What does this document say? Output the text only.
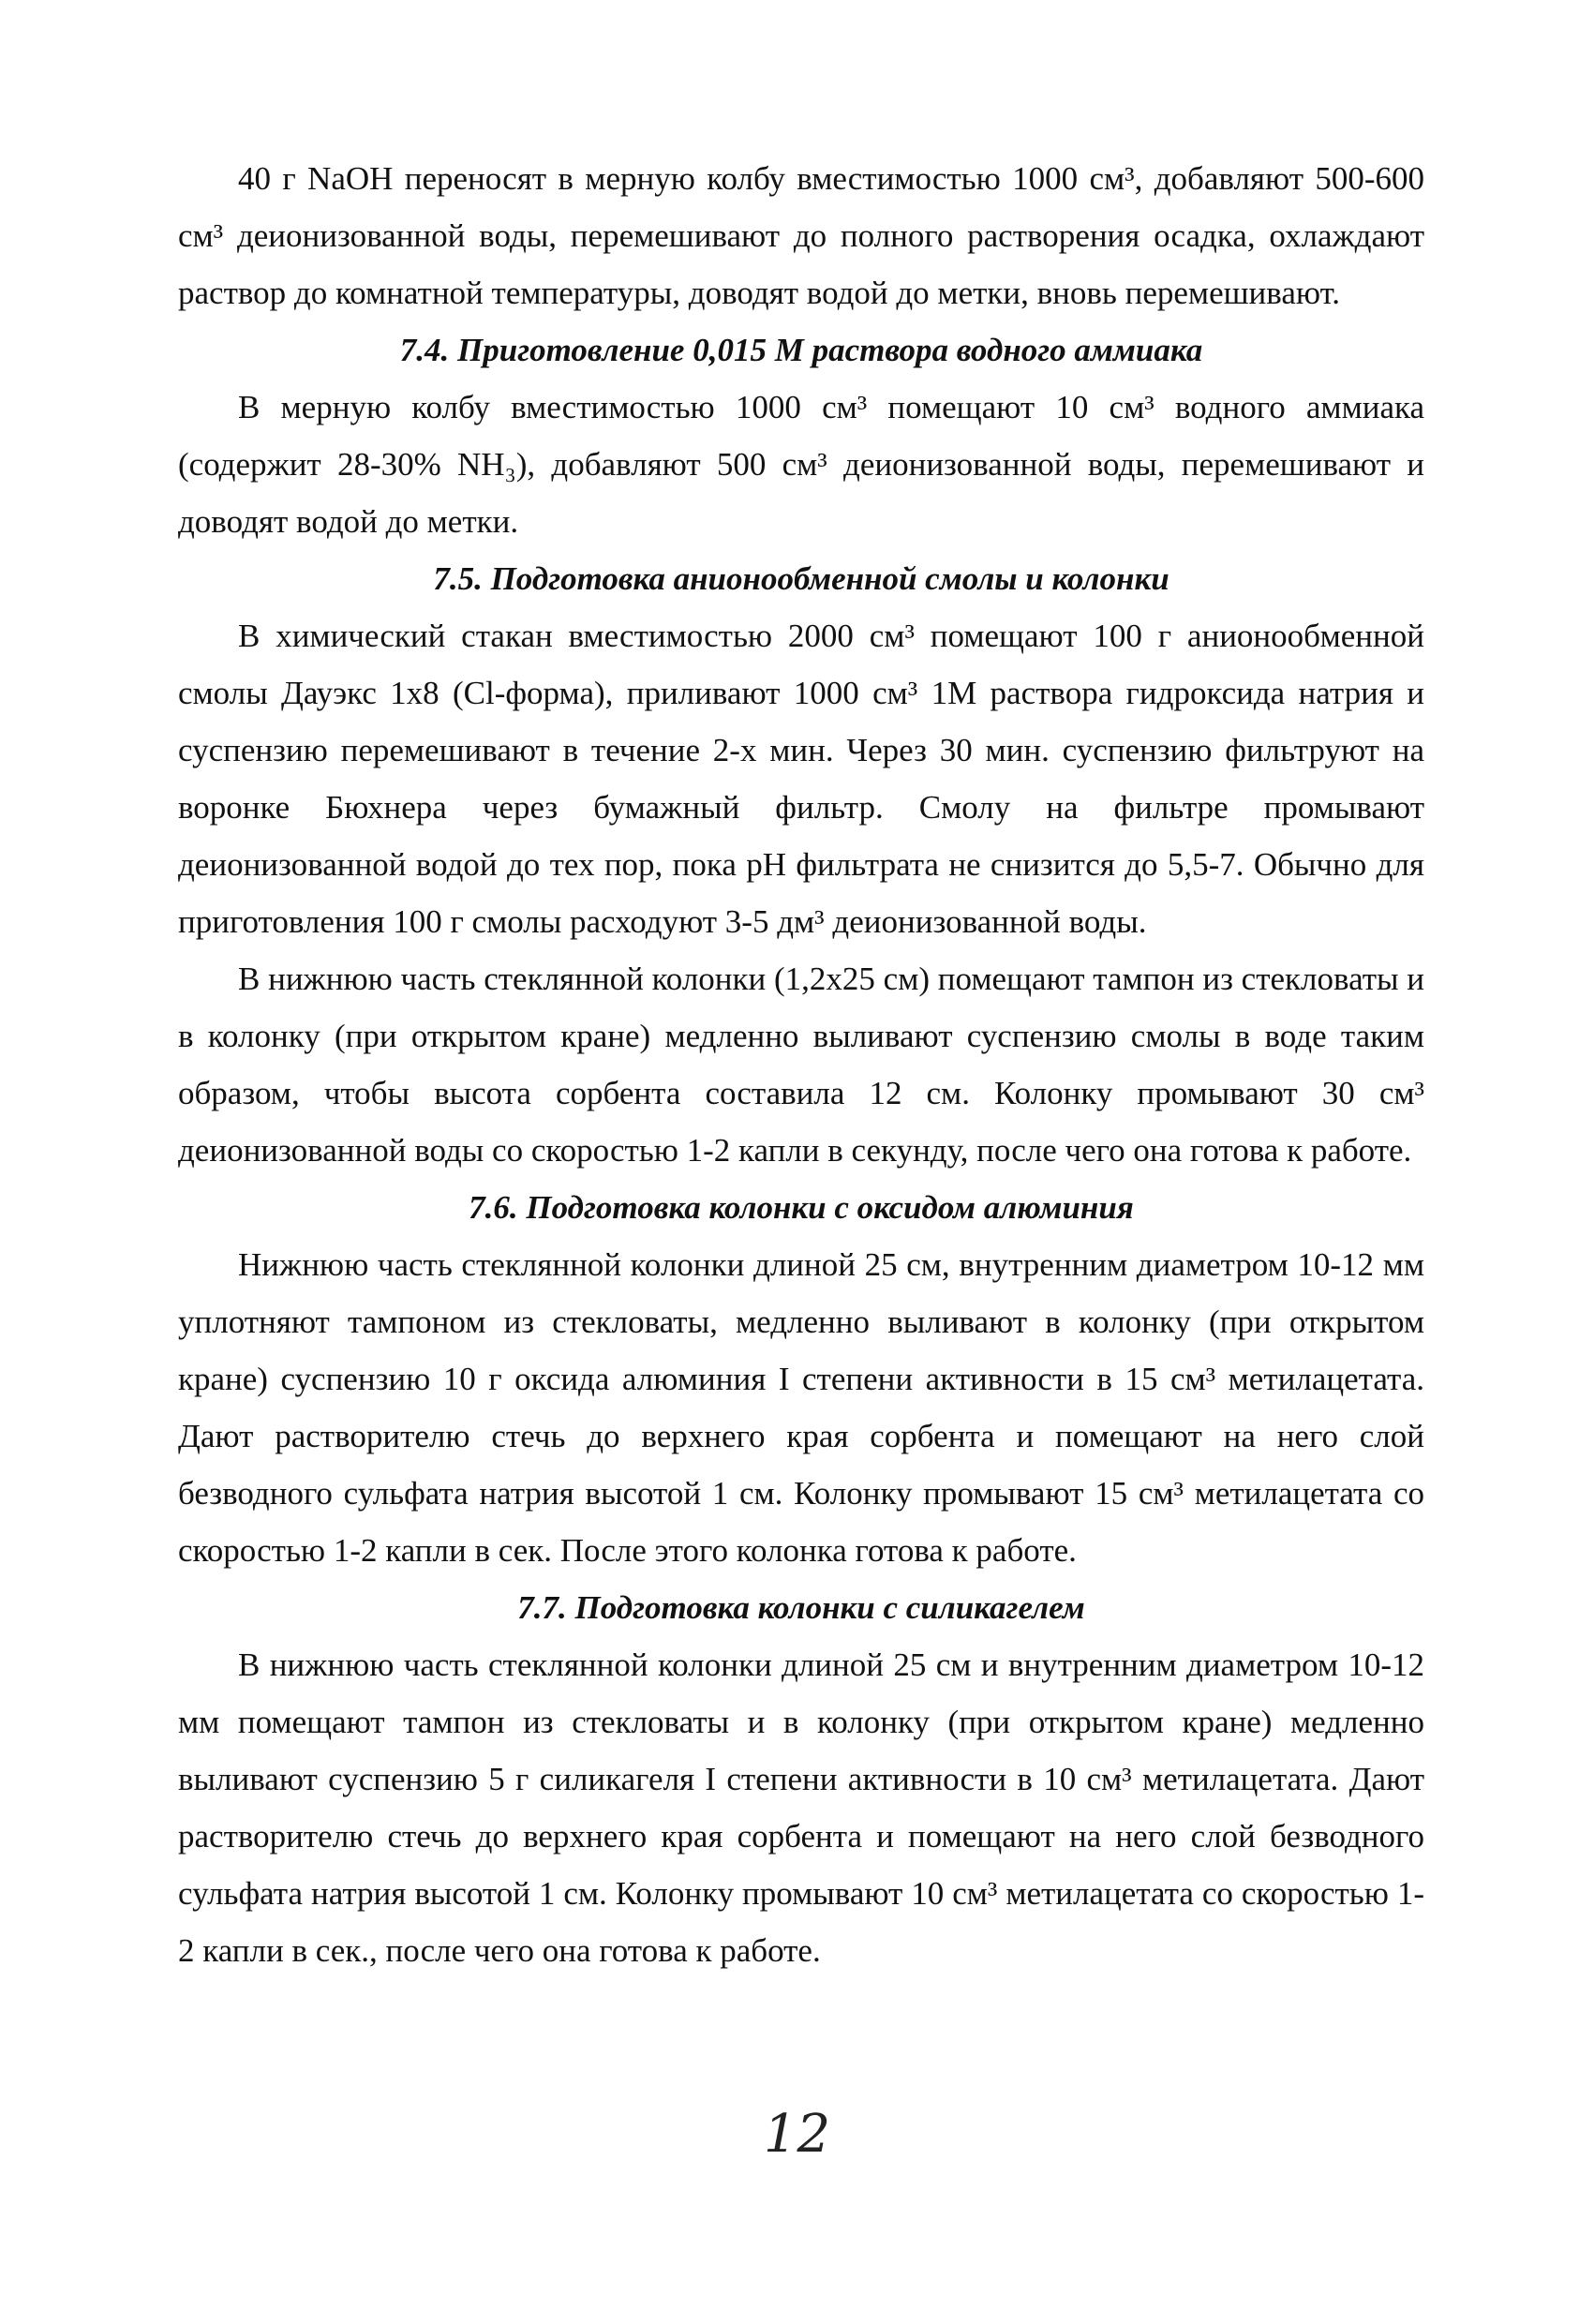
40 г NaOH переносят в мерную колбу вместимостью 1000 см³, добавляют 500-600 см³ деионизованной воды, перемешивают до полного растворения осадка, охлаждают раствор до комнатной температуры, доводят водой до метки, вновь перемешивают.

7.4. Приготовление 0,015 М раствора водного аммиака

В мерную колбу вместимостью 1000 см³ помещают 10 см³ водного аммиака (содержит 28-30% NH₃), добавляют 500 см³ деионизованной воды, перемешивают и доводят водой до метки.

7.5. Подготовка анионообменной смолы и колонки

В химический стакан вместимостью 2000 см³ помещают 100 г анионообменной смолы Дауэкс 1х8 (Cl-форма), приливают 1000 см³ 1М раствора гидроксида натрия и суспензию перемешивают в течение 2-х мин. Через 30 мин. суспензию фильтруют на воронке Бюхнера через бумажный фильтр. Смолу на фильтре промывают деионизованной водой до тех пор, пока pH фильтрата не снизится до 5,5-7. Обычно для приготовления 100 г смолы расходуют 3-5 дм³ деионизованной воды.

В нижнюю часть стеклянной колонки (1,2х25 см) помещают тампон из стекловаты и в колонку (при открытом кране) медленно выливают суспензию смолы в воде таким образом, чтобы высота сорбента составила 12 см. Колонку промывают 30 см³ деионизованной воды со скоростью 1-2 капли в секунду, после чего она готова к работе.

7.6. Подготовка колонки с оксидом алюминия

Нижнюю часть стеклянной колонки длиной 25 см, внутренним диаметром 10-12 мм уплотняют тампоном из стекловаты, медленно выливают в колонку (при открытом кране) суспензию 10 г оксида алюминия I степени активности в 15 см³ метилацетата. Дают растворителю стечь до верхнего края сорбента и помещают на него слой безводного сульфата натрия высотой 1 см. Колонку промывают 15 см³ метилацетата со скоростью 1-2 капли в сек. После этого колонка готова к работе.

7.7. Подготовка колонки с силикагелем

В нижнюю часть стеклянной колонки длиной 25 см и внутренним диаметром 10-12 мм помещают тампон из стекловаты и в колонку (при открытом кране) медленно выливают суспензию 5 г силикагеля I степени активности в 10 см³ метилацетата. Дают растворителю стечь до верхнего края сорбента и помещают на него слой безводного сульфата натрия высотой 1 см. Колонку промывают 10 см³ метилацетата со скоростью 1-2 капли в сек., после чего она готова к работе.

12
